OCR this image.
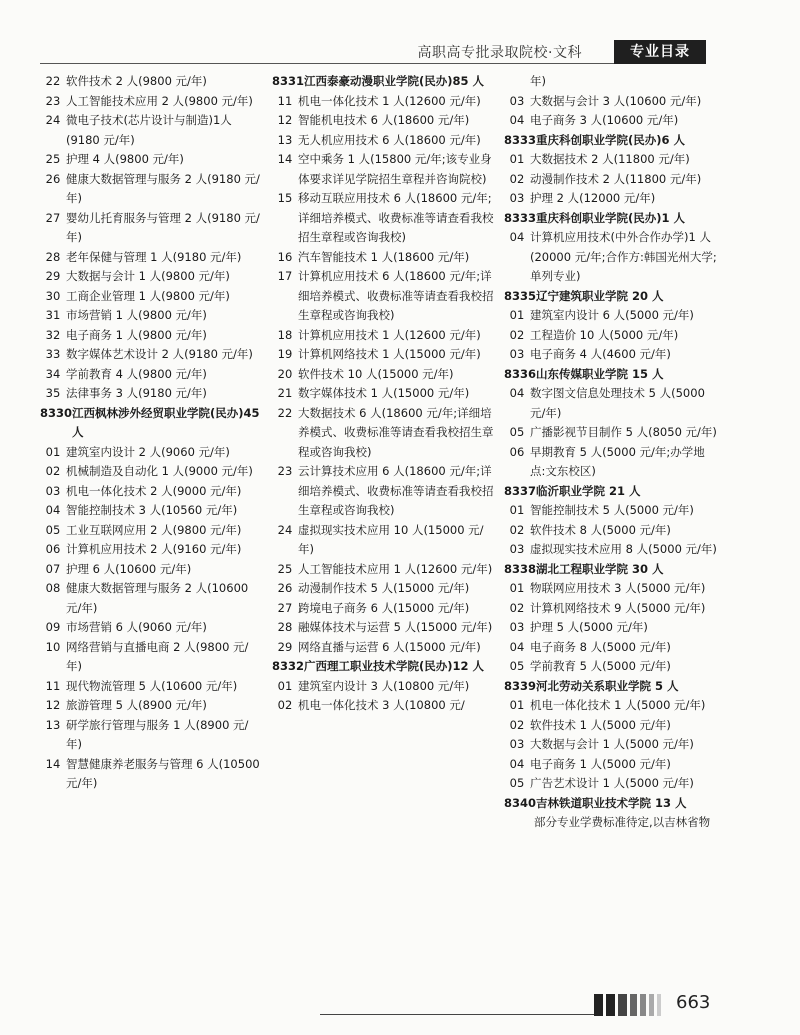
高职高专批录取院校·文科	专业目录
22 软件技术 2 人(9800 元/年)
23 人工智能技术应用 2 人(9800 元/年)
24 微电子技术(芯片设计与制造)1人(9180 元/年)
25 护理 4 人(9800 元/年)
26 健康大数据管理与服务 2 人(9180 元/年)
27 婴幼儿托育服务与管理 2 人(9180 元/年)
28 老年保健与管理 1 人(9180 元/年)
29 大数据与会计 1 人(9800 元/年)
30 工商企业管理 1 人(9800 元/年)
31 市场营销 1 人(9800 元/年)
32 电子商务 1 人(9800 元/年)
33 数字媒体艺术设计 2 人(9180 元/年)
34 学前教育 4 人(9800 元/年)
35 法律事务 3 人(9180 元/年)
8330 江西枫林涉外经贸职业学院(民办)45 人
01 建筑室内设计 2 人(9060 元/年)
02 机械制造及自动化 1 人(9000 元/年)
03 机电一体化技术 2 人(9000 元/年)
04 智能控制技术 3 人(10560 元/年)
05 工业互联网应用 2 人(9800 元/年)
06 计算机应用技术 2 人(9160 元/年)
07 护理 6 人(10600 元/年)
08 健康大数据管理与服务 2 人(10600 元/年)
09 市场营销 6 人(9060 元/年)
10 网络营销与直播电商 2 人(9800 元/年)
11 现代物流管理 5 人(10600 元/年)
12 旅游管理 5 人(8900 元/年)
13 研学旅行管理与服务 1 人(8900 元/年)
14 智慧健康养老服务与管理 6 人(10500 元/年)
8331 江西泰豪动漫职业学院(民办)85 人
11 机电一体化技术 1 人(12600 元/年)
12 智能机电技术 6 人(18600 元/年)
13 无人机应用技术 6 人(18600 元/年)
14 空中乘务 1 人(15800 元/年;该专业身体要求详见学院招生章程并咨询院校)
15 移动互联应用技术 6 人(18600 元/年;详细培养模式、收费标准等请查看我校招生章程或咨询我校)
16 汽车智能技术 1 人(18600 元/年)
17 计算机应用技术 6 人(18600 元/年;详细培养模式、收费标准等请查看我校招生章程或咨询我校)
18 计算机应用技术 1 人(12600 元/年)
19 计算机网络技术 1 人(15000 元/年)
20 软件技术 10 人(15000 元/年)
21 数字媒体技术 1 人(15000 元/年)
22 大数据技术 6 人(18600 元/年;详细培养模式、收费标准等请查看我校招生章程或咨询我校)
23 云计算技术应用 6 人(18600 元/年;详细培养模式、收费标准等请查看我校招生章程或咨询我校)
24 虚拟现实技术应用 10 人(15000 元/年)
25 人工智能技术应用 1 人(12600 元/年)
26 动漫制作技术 5 人(15000 元/年)
27 跨境电子商务 6 人(15000 元/年)
28 融媒体技术与运营 5 人(15000 元/年)
29 网络直播与运营 6 人(15000 元/年)
8332 广西理工职业技术学院(民办)12 人
01 建筑室内设计 3 人(10800 元/年)
02 机电一体化技术 3 人(10800 元/
年)
03 大数据与会计 3 人(10600 元/年)
04 电子商务 3 人(10600 元/年)
8333 重庆科创职业学院(民办)6 人
01 大数据技术 2 人(11800 元/年)
02 动漫制作技术 2 人(11800 元/年)
03 护理 2 人(12000 元/年)
8333 重庆科创职业学院(民办)1 人
04 计算机应用技术(中外合作办学)1 人(20000 元/年;合作方:韩国光州大学;单列专业)
8335 辽宁建筑职业学院 20 人
01 建筑室内设计 6 人(5000 元/年)
02 工程造价 10 人(5000 元/年)
03 电子商务 4 人(4600 元/年)
8336 山东传媒职业学院 15 人
04 数字图文信息处理技术 5 人(5000 元/年)
05 广播影视节目制作 5 人(8050 元/年)
06 早期教育 5 人(5000 元/年;办学地点:文东校区)
8337 临沂职业学院 21 人
01 智能控制技术 5 人(5000 元/年)
02 软件技术 8 人(5000 元/年)
03 虚拟现实技术应用 8 人(5000 元/年)
8338 湖北工程职业学院 30 人
01 物联网应用技术 3 人(5000 元/年)
02 计算机网络技术 9 人(5000 元/年)
03 护理 5 人(5000 元/年)
04 电子商务 8 人(5000 元/年)
05 学前教育 5 人(5000 元/年)
8339 河北劳动关系职业学院 5 人
01 机电一体化技术 1 人(5000 元/年)
02 软件技术 1 人(5000 元/年)
03 大数据与会计 1 人(5000 元/年)
04 电子商务 1 人(5000 元/年)
05 广告艺术设计 1 人(5000 元/年)
8340 吉林铁道职业技术学院 13 人
部分专业学费标准待定,以吉林省物
663
